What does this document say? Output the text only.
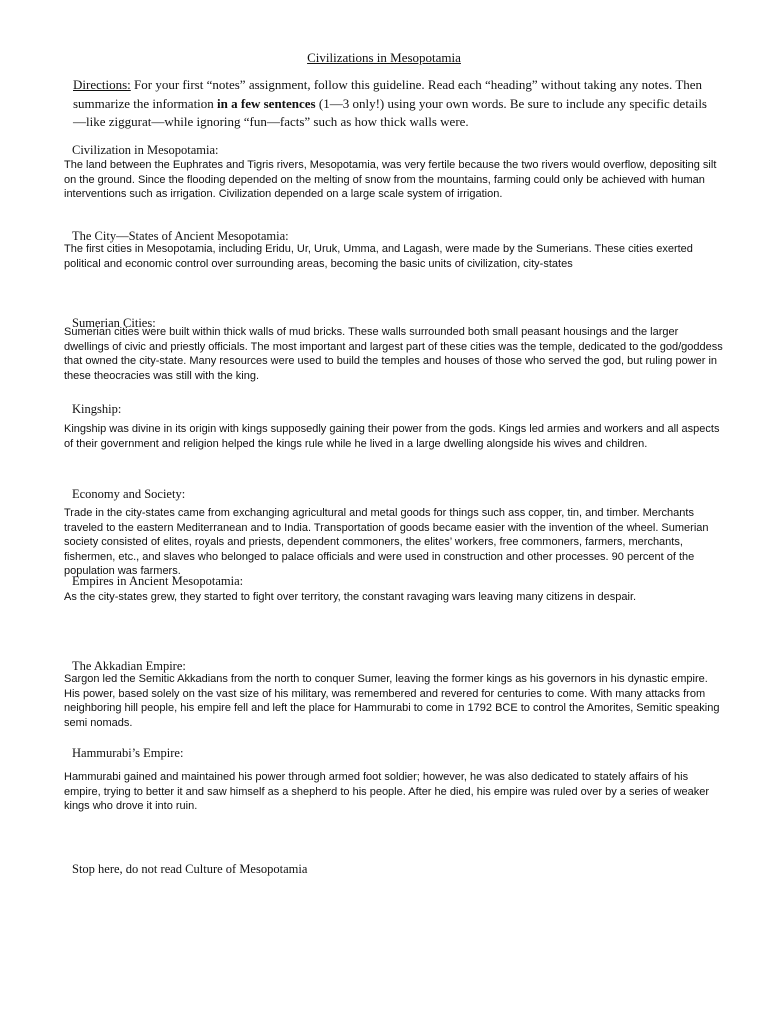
Civilizations in Mesopotamia
Directions: For your first “notes” assignment, follow this guideline. Read each “heading” without taking any notes. Then summarize the information in a few sentences (1—3 only!) using your own words. Be sure to include any specific details—like ziggurat—while ignoring “fun—facts” such as how thick walls were.
Civilization in Mesopotamia:
The land between the Euphrates and Tigris rivers, Mesopotamia, was very fertile because the two rivers would overflow, depositing silt on the ground. Since the flooding depended on the melting of snow from the mountains, farming could only be achieved with human interventions such as irrigation. Civilization depended on a large scale system of irrigation.
The City—States of Ancient Mesopotamia:
The first cities in Mesopotamia, including Eridu, Ur, Uruk, Umma, and Lagash, were made by the Sumerians. These cities exerted political and economic control over surrounding areas, becoming the basic units of civilization, city-states
Sumerian Cities:
Sumerian cities were built within thick walls of mud bricks. These walls surrounded both small peasant housings and the larger dwellings of civic and priestly officials. The most important and largest part of these cities was the temple, dedicated to the god/goddess that owned the city-state. Many resources were used to build the temples and houses of those who served the god, but ruling power in these theocracies was still with the king.
Kingship:
Kingship was divine in its origin with kings supposedly gaining their power from the gods. Kings led armies and workers and all aspects of their government and religion helped the kings rule while he lived in a large dwelling alongside his wives and children.
Economy and Society:
Trade in the city-states came from exchanging agricultural and metal goods for things such ass copper, tin, and timber. Merchants traveled to the eastern Mediterranean and to India. Transportation of goods became easier with the invention of the wheel. Sumerian society consisted of elites, royals and priests, dependent commoners, the elites’ workers, free commoners, farmers, merchants, fishermen, etc., and slaves who belonged to palace officials and were used in construction and other processes. 90 percent of the population was farmers.
Empires in Ancient Mesopotamia:
As the city-states grew, they started to fight over territory, the constant ravaging wars leaving many citizens in despair.
The Akkadian Empire:
Sargon led the Semitic Akkadians from the north to conquer Sumer, leaving the former kings as his governors in his dynastic empire. His power, based solely on the vast size of his military, was remembered and revered for centuries to come. With many attacks from neighboring hill people, his empire fell and left the place for Hammurabi to come in 1792 BCE to control the Amorites, Semitic speaking semi nomads.
Hammurabi’s Empire:
Hammurabi gained and maintained his power through armed foot soldier; however, he was also dedicated to stately affairs of his empire, trying to better it and saw himself as a shepherd to his people. After he died, his empire was ruled over by a series of weaker kings who drove it into ruin.
Stop here, do not read Culture of Mesopotamia
